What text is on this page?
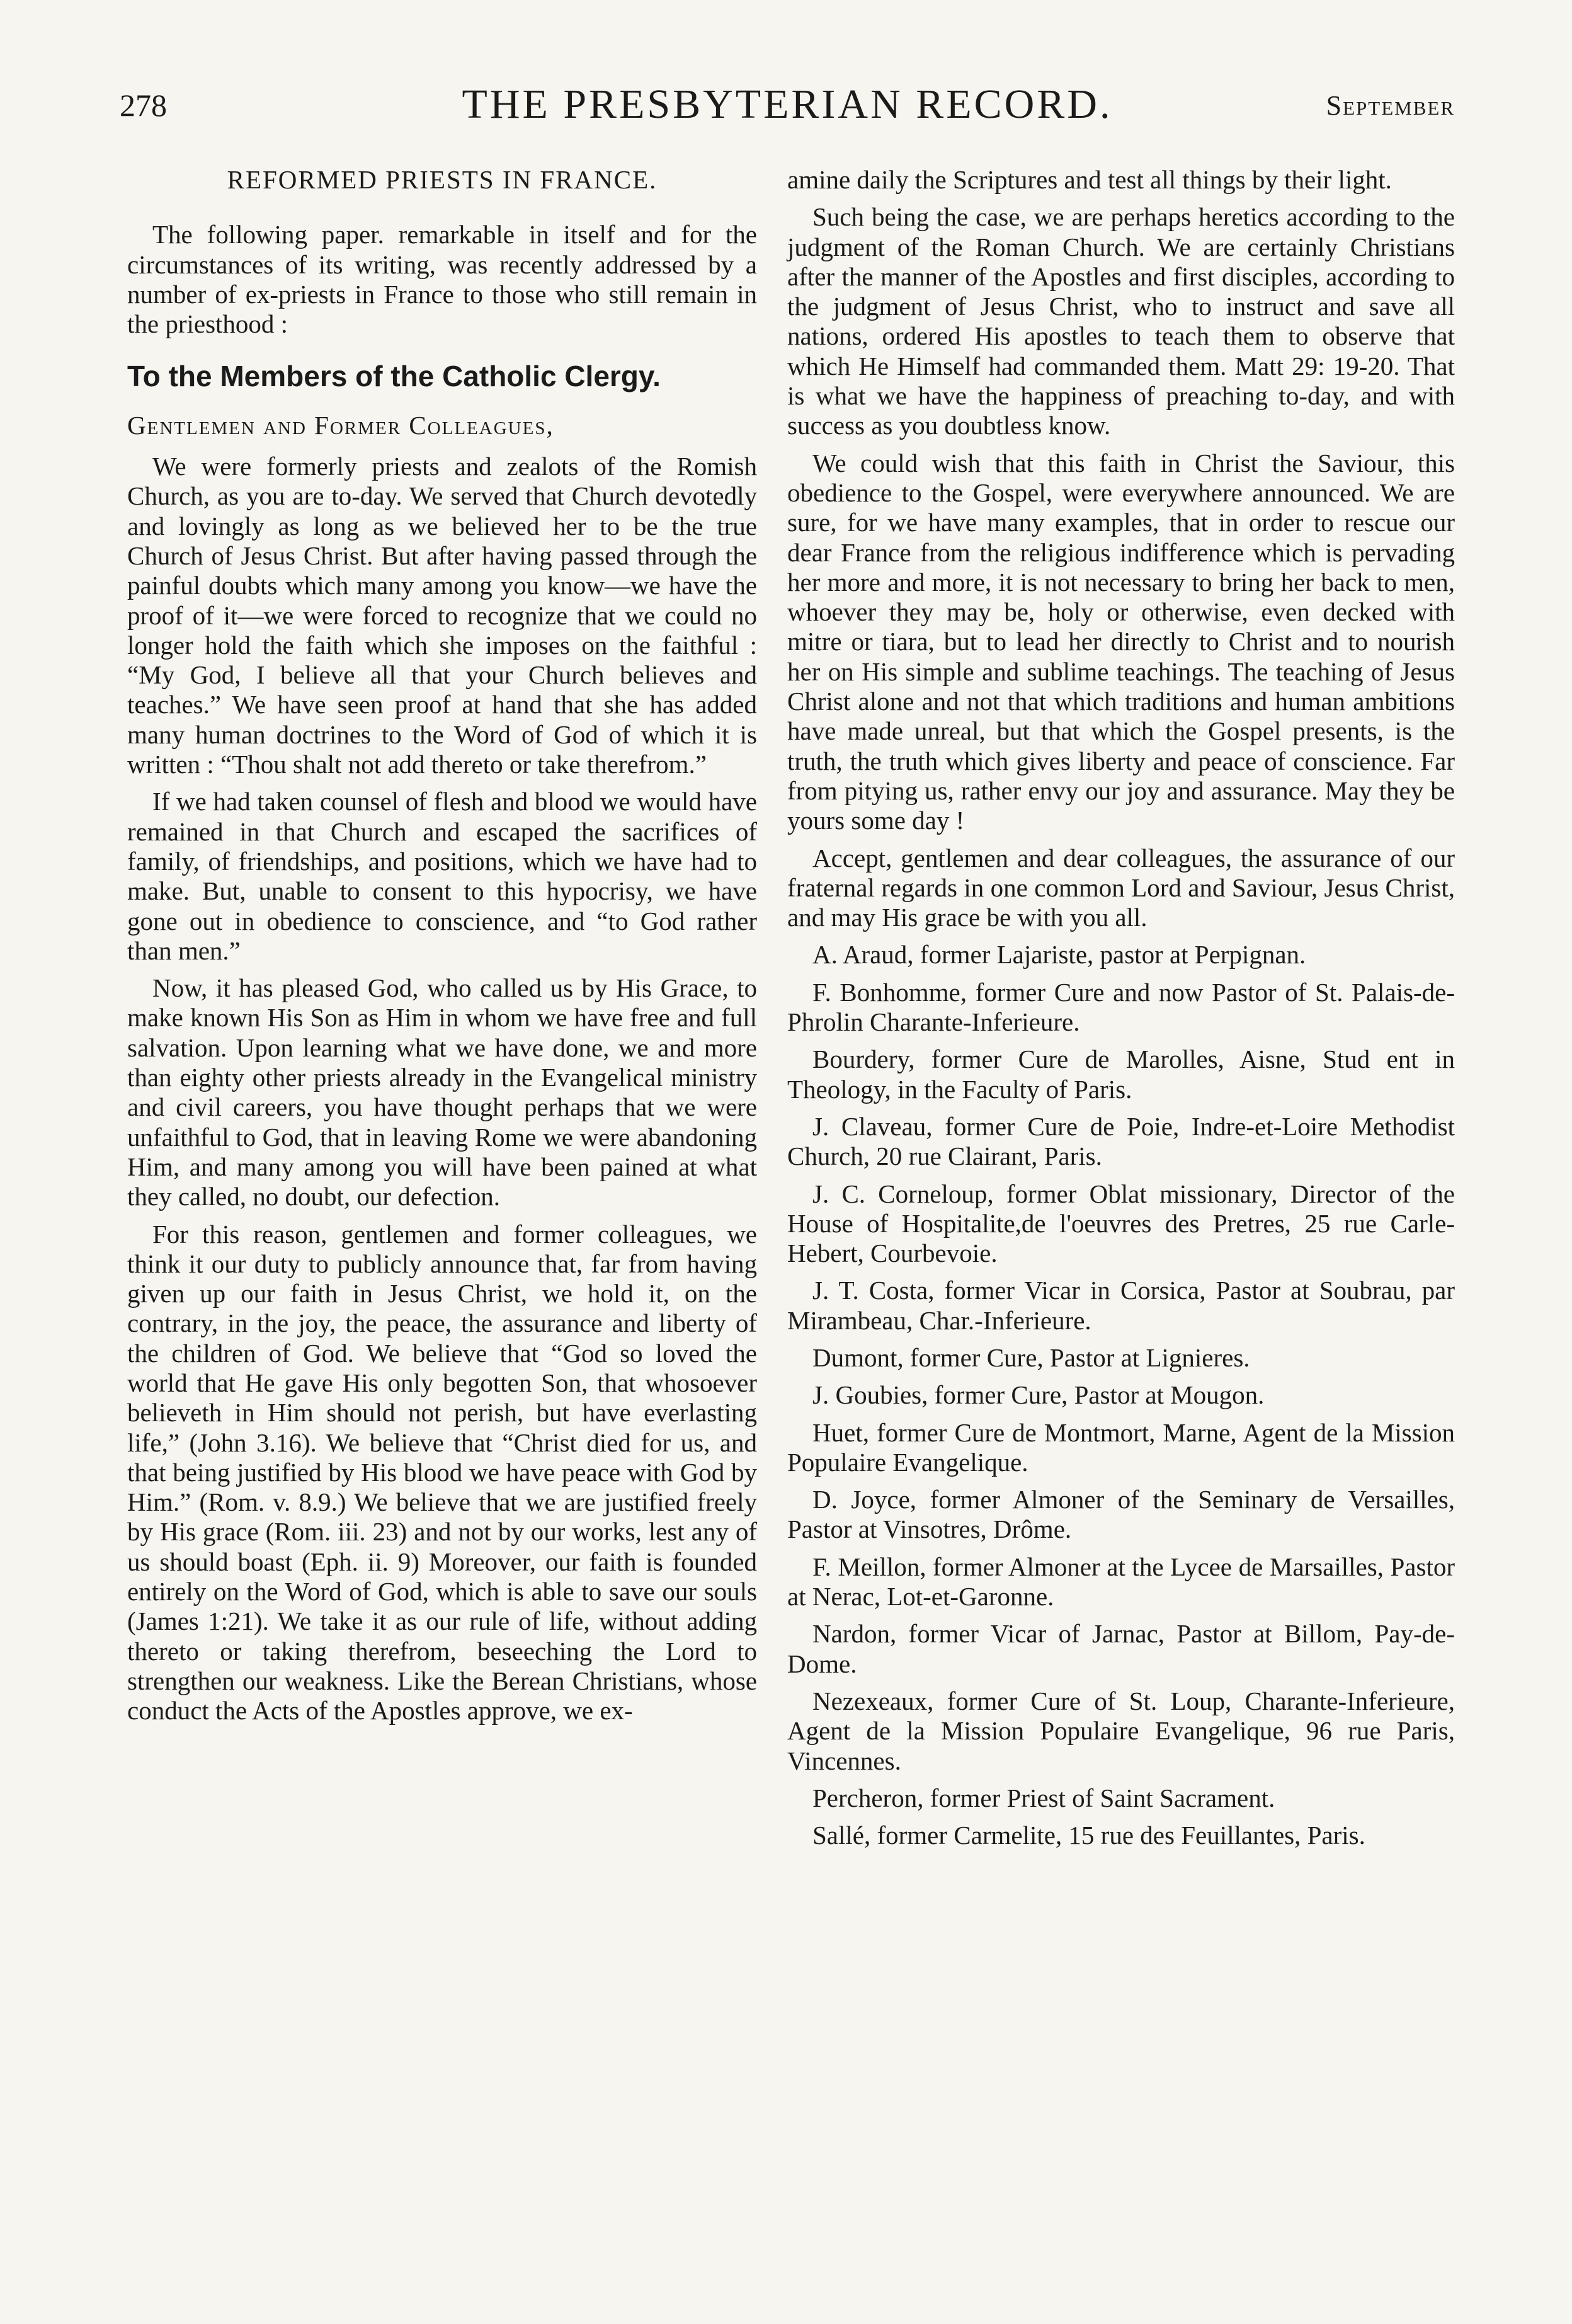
278	THE PRESBYTERIAN RECORD.	September
REFORMED PRIESTS IN FRANCE.

The following paper. remarkable in itself and for the circumstances of its writing, was recently addressed by a number of ex-priests in France to those who still remain in the priesthood :

To the Members of the Catholic Clergy.
Gentlemen and Former Colleagues,

We were formerly priests and zealots of the Romish Church, as you are to-day. We served that Church devotedly and lovingly as long as we believed her to be the true Church of Jesus Christ. But after having passed through the painful doubts which many among you know—we have the proof of it—we were forced to recognize that we could no longer hold the faith which she imposes on the faithful : “My God, I believe all that your Church believes and teaches.” We have seen proof at hand that she has added many human doctrines to the Word of God of which it is written : “Thou shalt not add thereto or take therefrom.”

If we had taken counsel of flesh and blood we would have remained in that Church and escaped the sacrifices of family, of friendships, and positions, which we have had to make. But, unable to consent to this hypocrisy, we have gone out in obedience to conscience, and “to God rather than men.”

Now, it has pleased God, who called us by His Grace, to make known His Son as Him in whom we have free and full salvation. Upon learning what we have done, we and more than eighty other priests already in the Evangelical ministry and civil careers, you have thought perhaps that we were unfaithful to God, that in leaving Rome we were abandoning Him, and many among you will have been pained at what they called, no doubt, our defection.

For this reason, gentlemen and former colleagues, we think it our duty to publicly announce that, far from having given up our faith in Jesus Christ, we hold it, on the contrary, in the joy, the peace, the assurance and liberty of the children of God. We believe that “God so loved the world that He gave His only begotten Son, that whosoever believeth in Him should not perish, but have everlasting life,” (John 3.16). We believe that “Christ died for us, and that being justified by His blood we have peace with God by Him.” (Rom. v. 8.9.) We believe that we are justified freely by His grace (Rom. iii. 23) and not by our works, lest any of us should boast (Eph. ii. 9) Moreover, our faith is founded entirely on the Word of God, which is able to save our souls (James 1:21). We take it as our rule of life, without adding thereto or taking therefrom, beseeching the Lord to strengthen our weakness. Like the Berean Christians, whose conduct the Acts of the Apostles approve, we ex-

amine daily the Scriptures and test all things by their light.

Such being the case, we are perhaps heretics according to the judgment of the Roman Church. We are certainly Christians after the manner of the Apostles and first disciples, according to the judgment of Jesus Christ, who to instruct and save all nations, ordered His apostles to teach them to observe that which He Himself had commanded them. Matt 29: 19-20. That is what we have the happiness of preaching to-day, and with success as you doubtless know.

We could wish that this faith in Christ the Saviour, this obedience to the Gospel, were everywhere announced. We are sure, for we have many examples, that in order to rescue our dear France from the religious indifference which is pervading her more and more, it is not necessary to bring her back to men, whoever they may be, holy or otherwise, even decked with mitre or tiara, but to lead her directly to Christ and to nourish her on His simple and sublime teachings. The teaching of Jesus Christ alone and not that which traditions and human ambitions have made unreal, but that which the Gospel presents, is the truth, the truth which gives liberty and peace of conscience. Far from pitying us, rather envy our joy and assurance. May they be yours some day !

Accept, gentlemen and dear colleagues, the assurance of our fraternal regards in one common Lord and Saviour, Jesus Christ, and may His grace be with you all.

A. Araud, former Lajariste, pastor at Perpignan.

F. Bonhomme, former Cure and now Pastor of St. Palais-de-Phrolin Charante-Inferieure.

Bourdery, former Cure de Marolles, Aisne, Stud ent in Theology, in the Faculty of Paris.

J. Claveau, former Cure de Poie, Indre-et-Loire Methodist Church, 20 rue Clairant, Paris.

J. C. Corneloup, former Oblat missionary, Director of the House of Hospitalite,de l'oeuvres des Pretres, 25 rue Carle-Hebert, Courbevoie.

J. T. Costa, former Vicar in Corsica, Pastor at Soubrau, par Mirambeau, Char.-Inferieure.

Dumont, former Cure, Pastor at Lignieres.

J. Goubies, former Cure, Pastor at Mougon.

Huet, former Cure de Montmort, Marne, Agent de la Mission Populaire Evangelique.

D. Joyce, former Almoner of the Seminary de Versailles, Pastor at Vinsotres, Drôme.

F. Meillon, former Almoner at the Lycee de Marsailles, Pastor at Nerac, Lot-et-Garonne.

Nardon, former Vicar of Jarnac, Pastor at Billom, Pay-de-Dome.

Nezexeaux, former Cure of St. Loup, Charante-Inferieure, Agent de la Mission Populaire Evangelique, 96 rue Paris, Vincennes.

Percheron, former Priest of Saint Sacrament.

Sallé, former Carmelite, 15 rue des Feuillantes, Paris.
